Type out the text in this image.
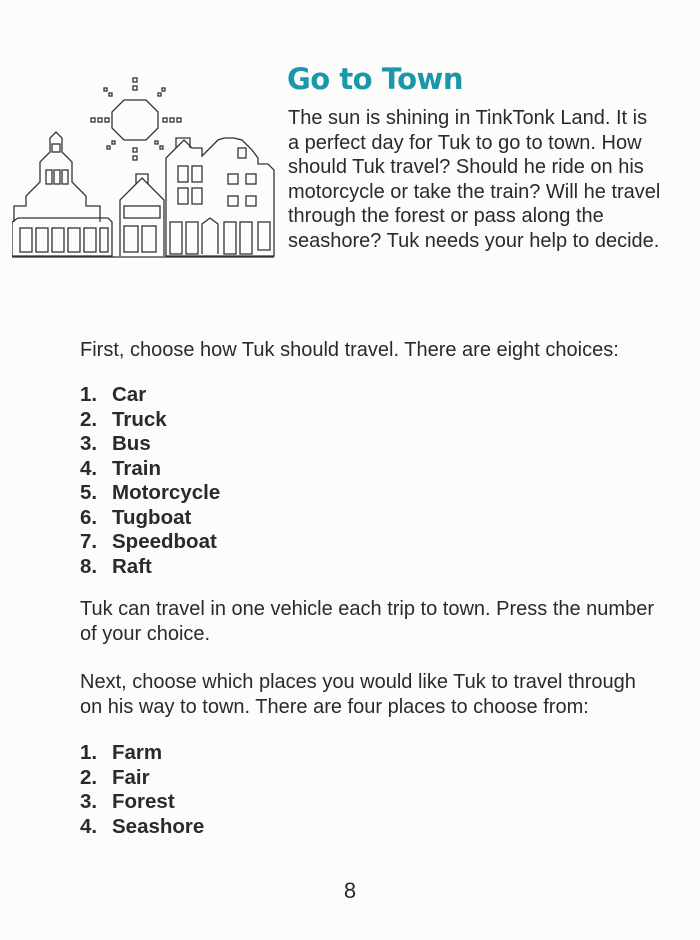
Go to Town

The sun is shining in TinkTonk Land. It is a perfect day for Tuk to go to town. How should Tuk travel? Should he ride on his motorcycle or take the train? Will he travel through the forest or pass along the seashore? Tuk needs your help to decide.

First, choose how Tuk should travel. There are eight choices:

1. Car
2. Truck
3. Bus
4. Train
5. Motorcycle
6. Tugboat
7. Speedboat
8. Raft

Tuk can travel in one vehicle each trip to town. Press the number of your choice.

Next, choose which places you would like Tuk to travel through on his way to town. There are four places to choose from:

1. Farm
2. Fair
3. Forest
4. Seashore
8
